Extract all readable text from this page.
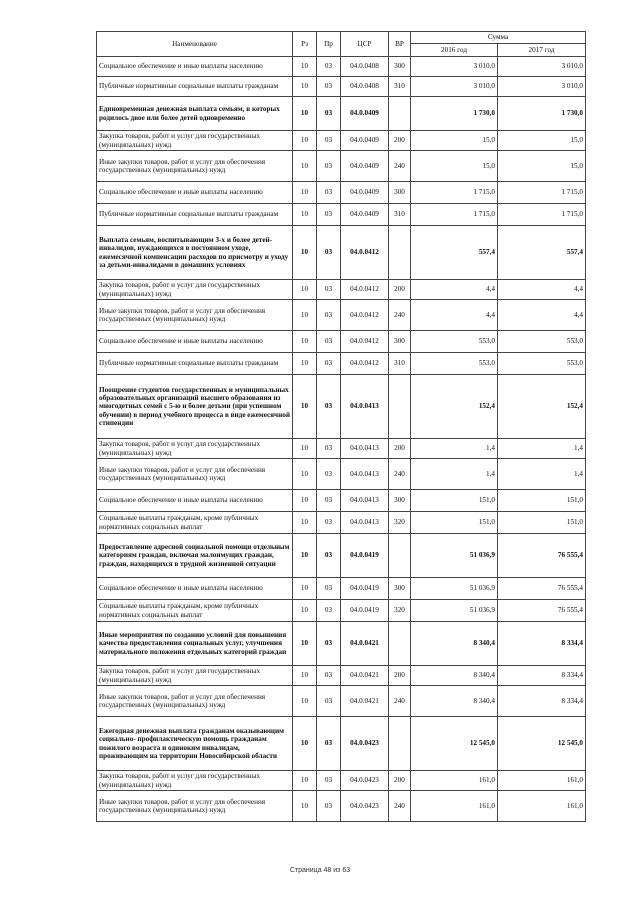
Наименование	Рз	Пр	ЦСР	ВР	Сумма	
					2016 год	2017 год
Социальное обеспечение и иные выплаты населению	10	03	04.0.0408	300	3 010,0	3 010,0
Публичные нормативные социальные выплаты гражданам	10	03	04.0.0408	310	3 010,0	3 010,0
Единовременная денежная выплата семьям, в которых родилось двое или более детей одновременно	10	03	04.0.0409		1 730,0	1 730,0
Закупка товаров, работ и услуг для государственных (муниципальных) нужд	10	03	04.0.0409	200	15,0	15,0
Иные закупки товаров, работ и услуг для обеспечения государственных (муниципальных) нужд	10	03	04.0.0409	240	15,0	15,0
Социальное обеспечение и иные выплаты населению	10	03	04.0.0409	300	1 715,0	1 715,0
Публичные нормативные социальные выплаты гражданам	10	03	04.0.0409	310	1 715,0	1 715,0
Выплата семьям, воспитывающим 3-х и более детей-инвалидов, нуждающихся в постоянном уходе, ежемесячной компенсации расходов по присмотру и уходу за детьми-инвалидами в домашних условиях	10	03	04.0.0412		557,4	557,4
Закупка товаров, работ и услуг для государственных (муниципальных) нужд	10	03	04.0.0412	200	4,4	4,4
Иные закупки товаров, работ и услуг для обеспечения государственных (муниципальных) нужд	10	03	04.0.0412	240	4,4	4,4
Социальное обеспечение и иные выплаты населению	10	03	04.0.0412	300	553,0	553,0
Публичные нормативные социальные выплаты гражданам	10	03	04.0.0412	310	553,0	553,0
Поощрение студентов государственных и муниципальных образовательных организаций высшего образования из многодетных семей с 5-ю и более детьми (при успешном обучении) в период учебного процесса в виде ежемесячной стипендии	10	03	04.0.0413		152,4	152,4
Закупка товаров, работ и услуг для государственных (муниципальных) нужд	10	03	04.0.0413	200	1,4	1,4
Иные закупки товаров, работ и услуг для обеспечения государственных (муниципальных) нужд	10	03	04.0.0413	240	1,4	1,4
Социальное обеспечение и иные выплаты населению	10	03	04.0.0413	300	151,0	151,0
Социальные выплаты гражданам, кроме публичных нормативных социальных выплат	10	03	04.0.0413	320	151,0	151,0
Предоставление адресной социальной помощи отдельным категориям граждан, включая малоимущих граждан, граждан, находящихся в трудной жизненной ситуации	10	03	04.0.0419		51 036,9	76 555,4
Социальное обеспечение и иные выплаты населению	10	03	04.0.0419	300	51 036,9	76 555,4
Социальные выплаты гражданам, кроме публичных нормативных социальных выплат	10	03	04.0.0419	320	51 036,9	76 555,4
Иные мероприятия по созданию условий для повышения качества предоставления социальных услуг, улучшения материального положения отдельных категорий граждан	10	03	04.0.0421		8 340,4	8 334,4
Закупка товаров, работ и услуг для государственных (муниципальных) нужд	10	03	04.0.0421	200	8 340,4	8 334,4
Иные закупки товаров, работ и услуг для обеспечения государственных (муниципальных) нужд	10	03	04.0.0421	240	8 340,4	8 334,4
Ежегодная денежная выплата гражданам оказывающим социально- профилактическую помощь гражданам пожилого возраста и одиноким инвалидам, проживающим на территории Новосибирской области	10	03	04.0.0423		12 545,0	12 545,0
Закупка товаров, работ и услуг для государственных (муниципальных) нужд	10	03	04.0.0423	200	161,0	161,0
Иные закупки товаров, работ и услуг для обеспечения государственных (муниципальных) нужд	10	03	04.0.0423	240	161,0	161,0
Страница 48 из 63
